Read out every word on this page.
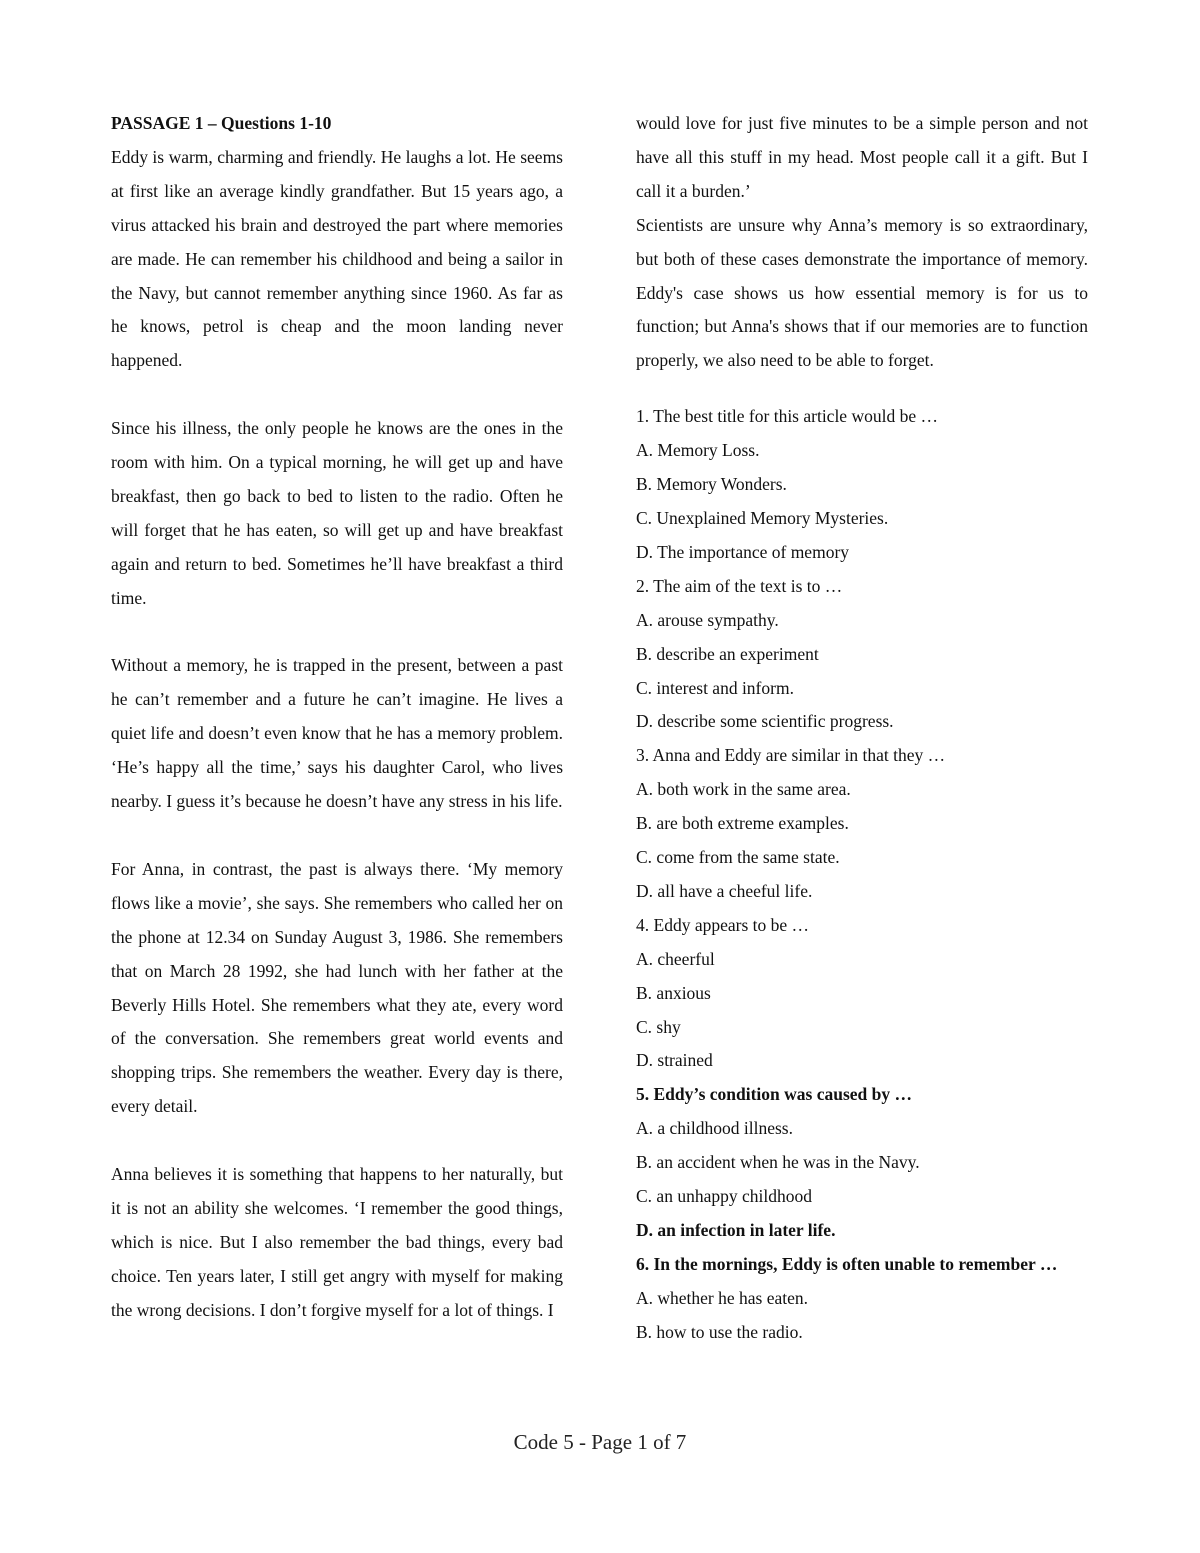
PASSAGE 1 – Questions 1-10

Eddy is warm, charming and friendly. He laughs a lot. He seems at first like an average kindly grandfather. But 15 years ago, a virus attacked his brain and destroyed the part where memories are made. He can remember his childhood and being a sailor in the Navy, but cannot remember anything since 1960. As far as he knows, petrol is cheap and the moon landing never happened.

Since his illness, the only people he knows are the ones in the room with him. On a typical morning, he will get up and have breakfast, then go back to bed to listen to the radio. Often he will forget that he has eaten, so will get up and have breakfast again and return to bed. Sometimes he’ll have breakfast a third time.

Without a memory, he is trapped in the present, between a past he can’t remember and a future he can’t imagine. He lives a quiet life and doesn’t even know that he has a memory problem. ‘He’s happy all the time,’ says his daughter Carol, who lives nearby. I guess it’s because he doesn’t have any stress in his life.

For Anna, in contrast, the past is always there. ‘My memory flows like a movie’, she says. She remembers who called her on the phone at 12.34 on Sunday August 3, 1986. She remembers that on March 28 1992, she had lunch with her father at the Beverly Hills Hotel. She remembers what they ate, every word of the conversation. She remembers great world events and shopping trips. She remembers the weather. Every day is there, every detail.

Anna believes it is something that happens to her naturally, but it is not an ability she welcomes. ‘I remember the good things, which is nice. But I also remember the bad things, every bad choice. Ten years later, I still get angry with myself for making the wrong decisions. I don’t forgive myself for a lot of things. I

would love for just five minutes to be a simple person and not have all this stuff in my head. Most people call it a gift. But I call it a burden.’

Scientists are unsure why Anna’s memory is so extraordinary, but both of these cases demonstrate the importance of memory. Eddy's case shows us how essential memory is for us to function; but Anna's shows that if our memories are to function properly, we also need to be able to forget.

1. The best title for this article would be …

A. Memory Loss.

B. Memory Wonders.

C. Unexplained Memory Mysteries.

D. The importance of memory

2. The aim of the text is to …

A. arouse sympathy.

B. describe an experiment

C. interest and inform.

D. describe some scientific progress.

3. Anna and Eddy are similar in that they …

A. both work in the same area.

B. are both extreme examples.

C. come from the same state.

D. all have a cheeful life.

4. Eddy appears to be …

A. cheerful

B. anxious

C. shy

D. strained

5. Eddy’s condition was caused by …

A. a childhood illness.

B. an accident when he was in the Navy.

C. an unhappy childhood

D. an infection in later life.

6. In the mornings, Eddy is often unable to remember …

A. whether he has eaten.

B. how to use the radio.

Code 5 - Page 1 of 7
